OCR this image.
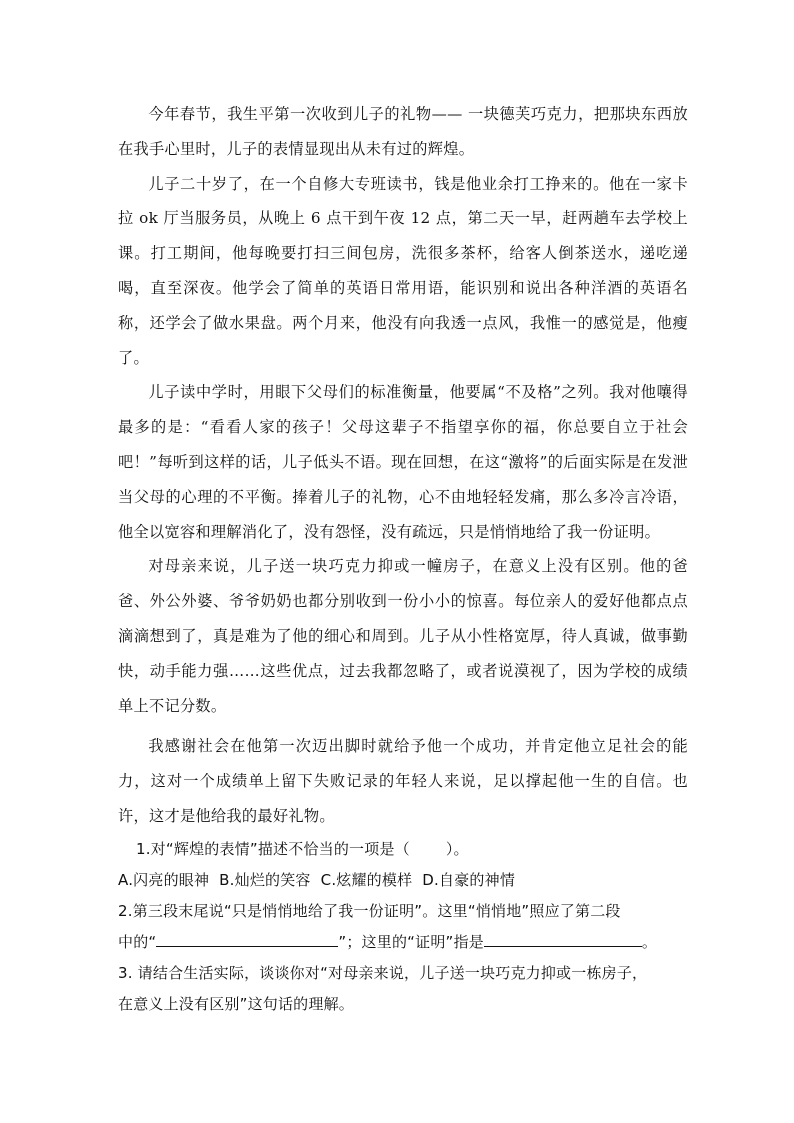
今年春节，我生平第一次收到儿子的礼物—— 一块德芙巧克力，把那块东西放在我手心里时，儿子的表情显现出从未有过的辉煌。

儿子二十岁了，在一个自修大专班读书，钱是他业余打工挣来的。他在一家卡拉 ok 厅当服务员，从晚上 6 点干到午夜 12 点，第二天一早，赶两趟车去学校上课。打工期间，他每晚要打扫三间包房，洗很多茶杯，给客人倒茶送水，递吃递喝，直至深夜。他学会了简单的英语日常用语，能识别和说出各种洋酒的英语名称，还学会了做水果盘。两个月来，他没有向我透一点风，我惟一的感觉是，他瘦了。

儿子读中学时，用眼下父母们的标准衡量，他要属“不及格”之列。我对他嚷得最多的是：“看看人家的孩子！父母这辈子不指望享你的福，你总要自立于社会吧！”每听到这样的话，儿子低头不语。现在回想，在这“激将”的后面实际是在发泄当父母的心理的不平衡。捧着儿子的礼物，心不由地轻轻发痛，那么多冷言冷语，他全以宽容和理解消化了，没有怨怪，没有疏远，只是悄悄地给了我一份证明。

对母亲来说，儿子送一块巧克力抑或一幢房子，在意义上没有区别。他的爸爸、外公外婆、爷爷奶奶也都分别收到一份小小的惊喜。每位亲人的爱好他都点点滴滴想到了，真是难为了他的细心和周到。儿子从小性格宽厚，待人真诚，做事勤快，动手能力强……这些优点，过去我都忽略了，或者说漠视了，因为学校的成绩单上不记分数。

我感谢社会在他第一次迈出脚时就给予他一个成功，并肯定他立足社会的能力，这对一个成绩单上留下失败记录的年轻人来说，足以撑起他一生的自信。也许，这才是他给我的最好礼物。

1.对“辉煌的表情”描述不恰当的一项是（ ）。

A.闪亮的眼神 B.灿烂的笑容 C.炫耀的模样 D.自豪的神情

2.第三段末尾说“只是悄悄地给了我一份证明”。这里“悄悄地”照应了第二段

中的“	”；这里的“证明”指是	。

3. 请结合生活实际，谈谈你对“对母亲来说，儿子送一块巧克力抑或一栋房子，

在意义上没有区别”这句话的理解。
